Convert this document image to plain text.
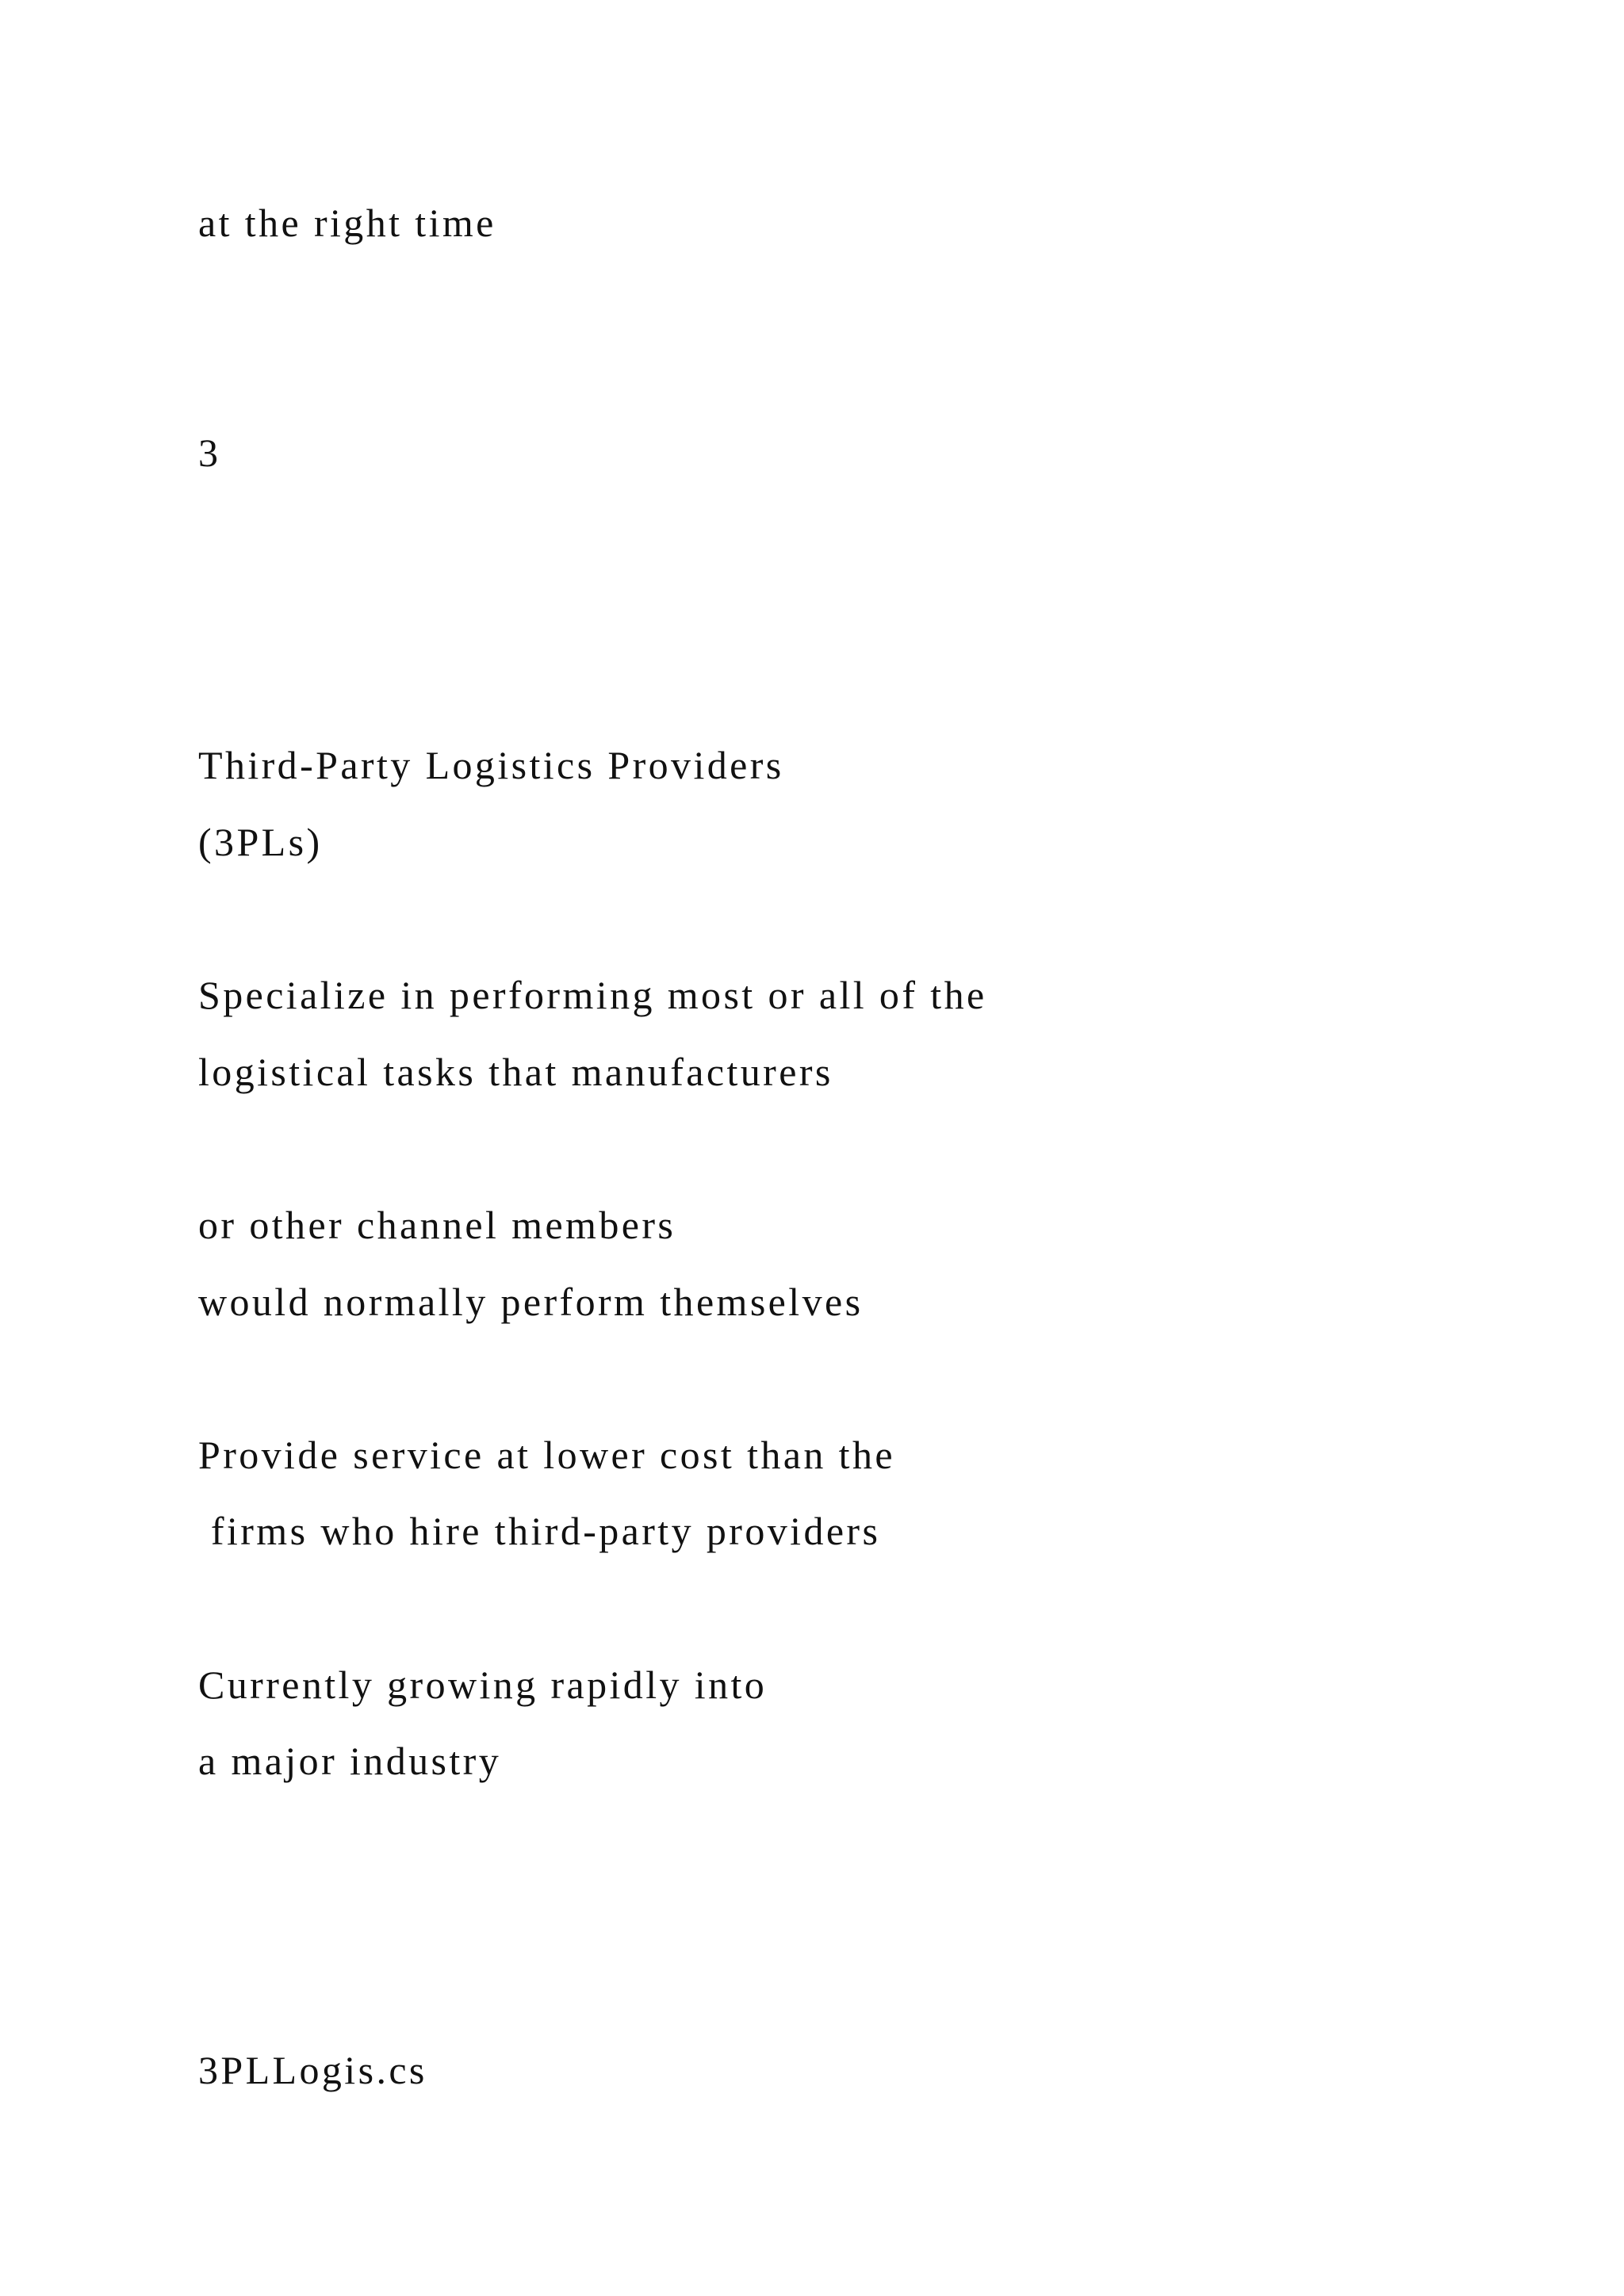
at the right time
3
Third-Party Logistics Providers
(3PLs)
Specialize in performing most or all of the
logistical tasks that manufacturers
or other channel members
would normally perform themselves
Provide service at lower cost than the
firms who hire third-party providers
Currently growing rapidly into
a major industry
3PLLogis.cs
